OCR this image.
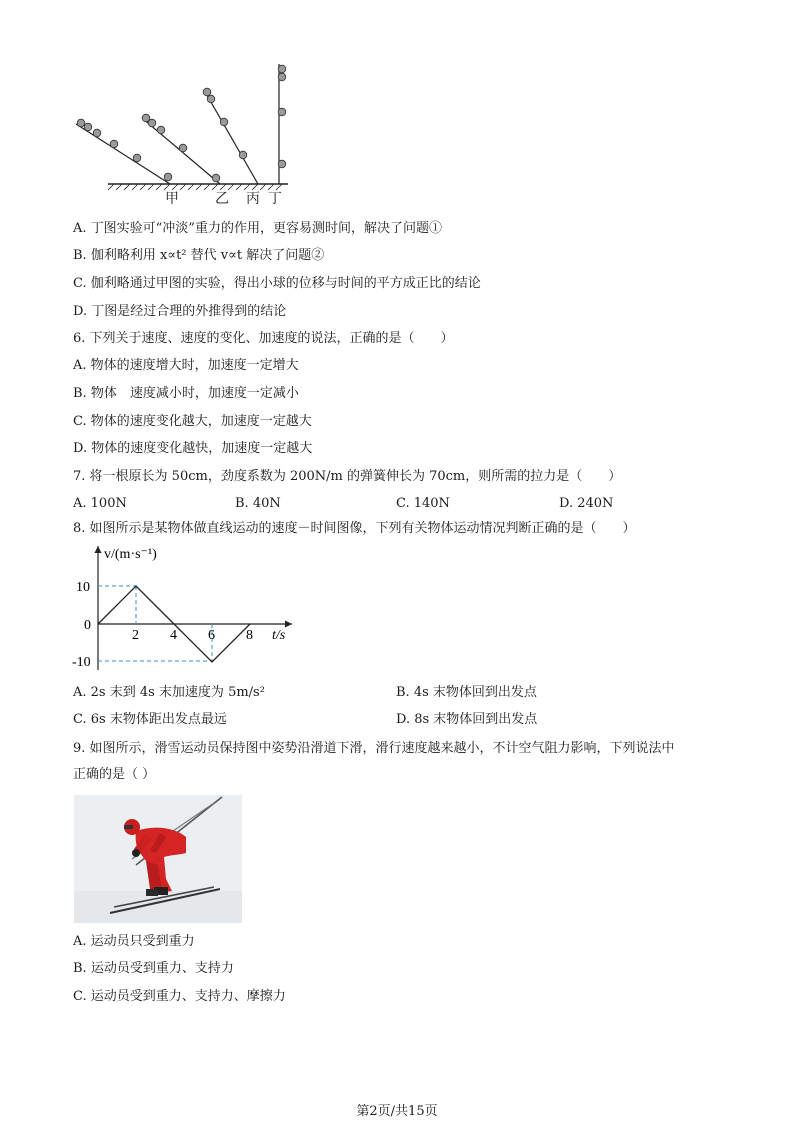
甲	乙 丙 丁
A. 丁图实验可“冲淡”重力的作用，更容易测时间，解决了问题①
B. 伽利略利用 x∝t² 替代 v∝t 解决了问题②
C. 伽利略通过甲图的实验，得出小球的位移与时间的平方成正比的结论
D. 丁图是经过合理的外推得到的结论
6. 下列关于速度、速度的变化、加速度的说法，正确的是（　　）
A. 物体的速度增大时，加速度一定增大
B. 物体　速度减小时，加速度一定减小
C. 物体的速度变化越大，加速度一定越大
D. 物体的速度变化越快，加速度一定越大
7. 将一根原长为 50cm，劲度系数为 200N/m 的弹簧伸长为 70cm，则所需的拉力是（　　）
A. 100N	B. 40N	C. 140N	D. 240N
8. 如图所示是某物体做直线运动的速度－时间图像，下列有关物体运动情况判断正确的是（　　）
10
0
-10
2 4 6 8 t/s
v/(m·s⁻¹)
A. 2s 末到 4s 末加速度为 5m/s²	B. 4s 末物体回到出发点
C. 6s 末物体距出发点最远	D. 8s 末物体回到出发点
9. 如图所示，滑雪运动员保持图中姿势沿滑道下滑，滑行速度越来越小，不计空气阻力影响，下列说法中
正确的是（ ）
A. 运动员只受到重力
B. 运动员受到重力、支持力
C. 运动员受到重力、支持力、摩擦力
第2页/共15页
